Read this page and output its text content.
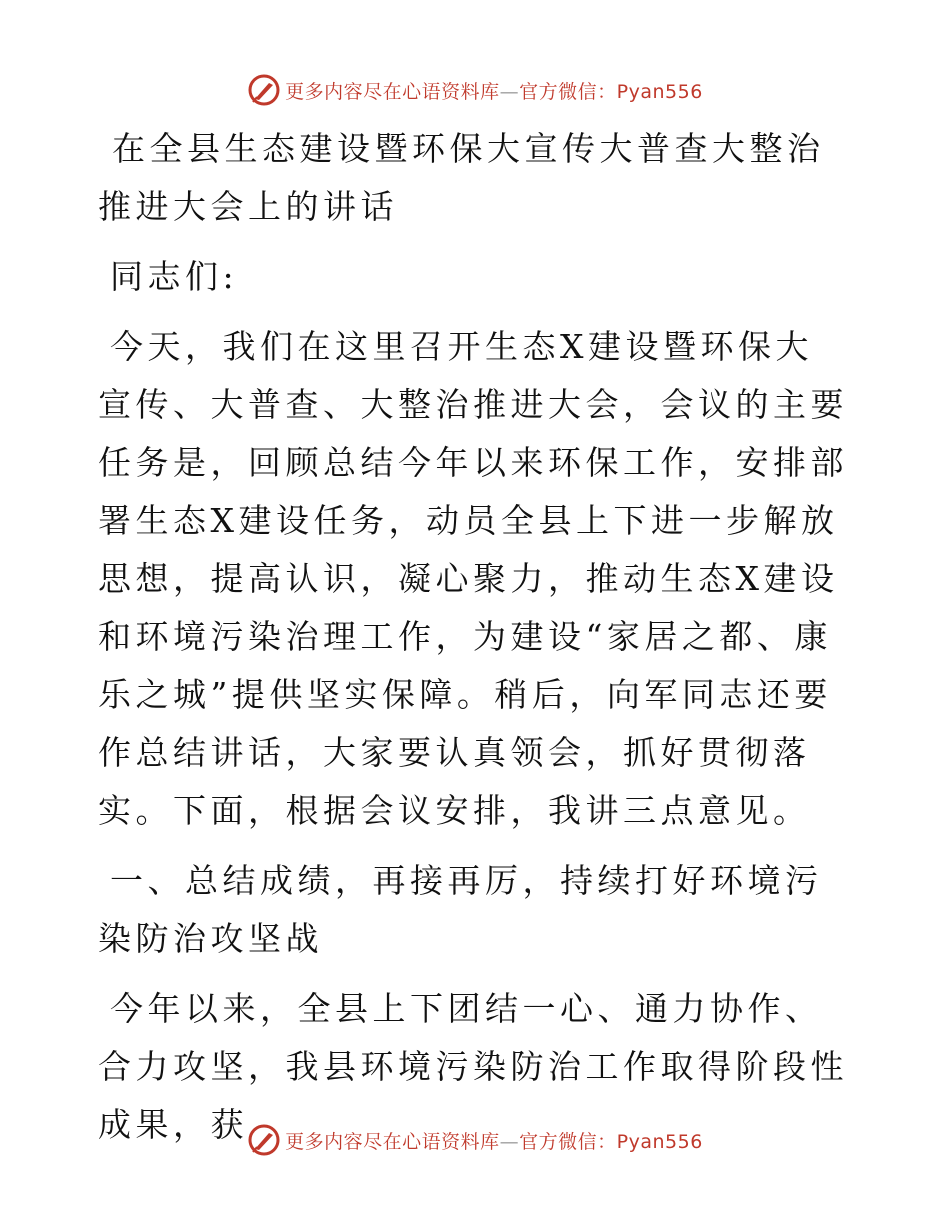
更多内容尽在心语资料库—官方微信：Pyan556

在全县生态建设暨环保大宣传大普查大整治推进大会上的讲话

同志们:

今天，我们在这里召开生态X建设暨环保大宣传、大普查、大整治推进大会，会议的主要任务是，回顾总结今年以来环保工作，安排部署生态X建设任务，动员全县上下进一步解放思想，提高认识，凝心聚力，推动生态X建设和环境污染治理工作，为建设“家居之都、康乐之城”提供坚实保障。稍后，向军同志还要作总结讲话，大家要认真领会，抓好贯彻落实。下面，根据会议安排，我讲三点意见。

一、总结成绩，再接再厉，持续打好环境污染防治攻坚战

今年以来，全县上下团结一心、通力协作、合力攻坚，我县环境污染防治工作取得阶段性成果，获	更多内容尽在心语资料库—官方微信：Pyan556
